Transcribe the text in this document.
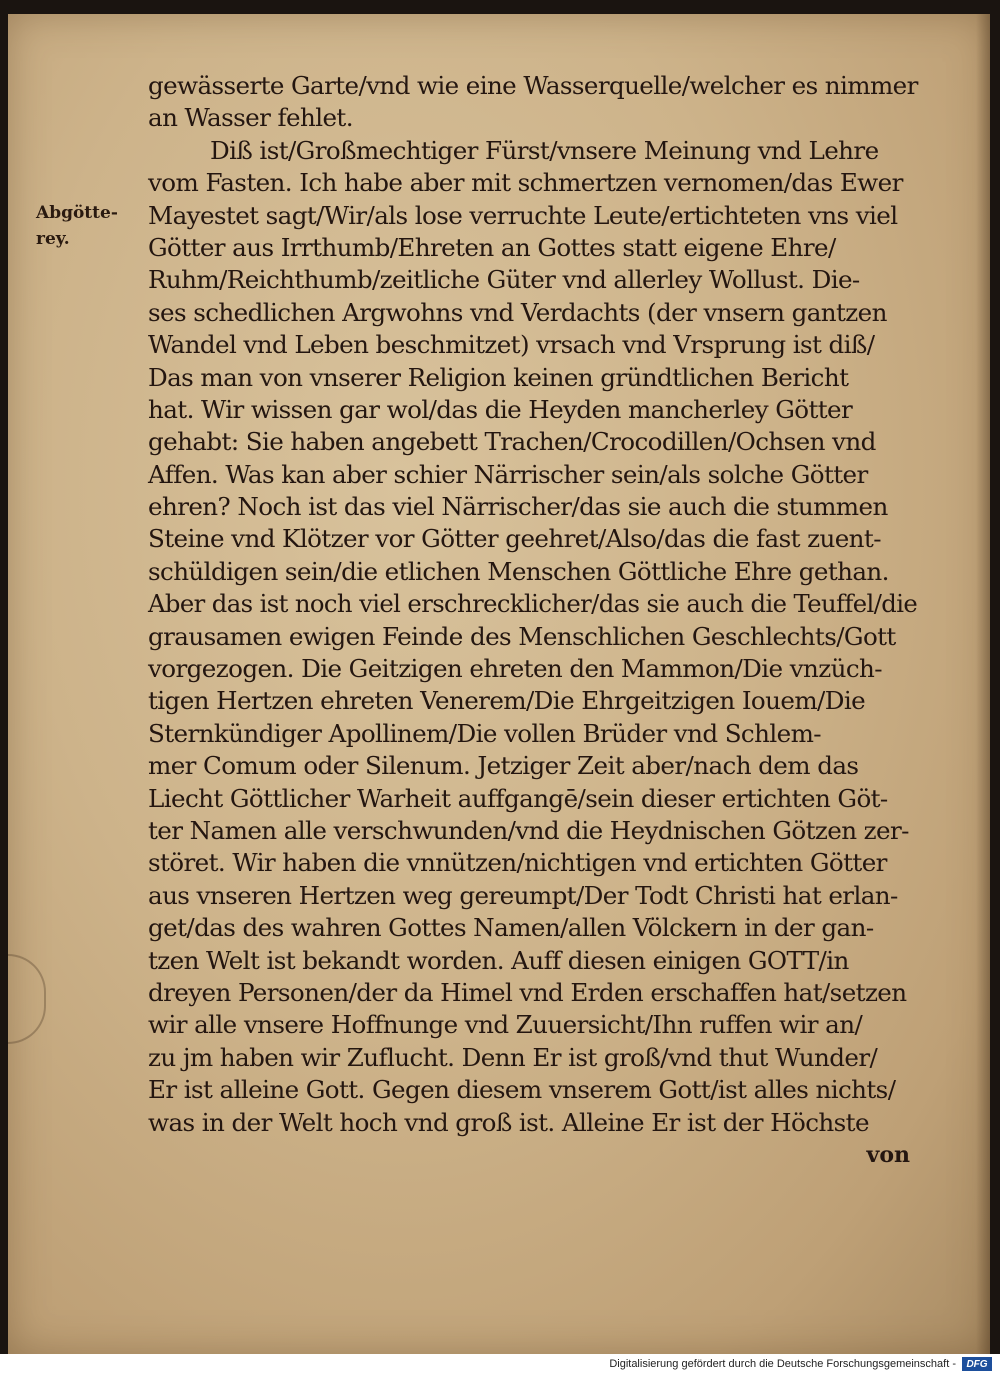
Abgötte-
rey.
gewässerte Garte/vnd wie eine Wasserquelle/welcher es nimmer
an Wasser fehlet.
Diß ist/Großmechtiger Fürst/vnsere Meinung vnd Lehre
vom Fasten. Ich habe aber mit schmertzen vernomen/das Ewer
Mayestet sagt/Wir/als lose verruchte Leute/ertichteten vns viel
Götter aus Irrthumb/Ehreten an Gottes statt eigene Ehre/
Ruhm/Reichthumb/zeitliche Güter vnd allerley Wollust. Die-
ses schedlichen Argwohns vnd Verdachts (der vnsern gantzen
Wandel vnd Leben beschmitzet) vrsach vnd Vrsprung ist diß/
Das man von vnserer Religion keinen gründtlichen Bericht
hat. Wir wissen gar wol/das die Heyden mancherley Götter
gehabt: Sie haben angebett Trachen/Crocodillen/Ochsen vnd
Affen. Was kan aber schier Närrischer sein/als solche Götter
ehren? Noch ist das viel Närrischer/das sie auch die stummen
Steine vnd Klötzer vor Götter geehret/Also/das die fast zuent-
schüldigen sein/die etlichen Menschen Göttliche Ehre gethan.
Aber das ist noch viel erschrecklicher/das sie auch die Teuffel/die
grausamen ewigen Feinde des Menschlichen Geschlechts/Gott
vorgezogen. Die Geitzigen ehreten den Mammon/Die vnzüch-
tigen Hertzen ehreten Venerem/Die Ehrgeitzigen Iouem/Die
Sternkündiger Apollinem/Die vollen Brüder vnd Schlem-
mer Comum oder Silenum. Jetziger Zeit aber/nach dem das
Liecht Göttlicher Warheit auffgangē/sein dieser ertichten Göt-
ter Namen alle verschwunden/vnd die Heydnischen Götzen zer-
störet. Wir haben die vnnützen/nichtigen vnd ertichten Götter
aus vnseren Hertzen weg gereumpt/Der Todt Christi hat erlan-
get/das des wahren Gottes Namen/allen Völckern in der gan-
tzen Welt ist bekandt worden. Auff diesen einigen GOTT/in
dreyen Personen/der da Himel vnd Erden erschaffen hat/setzen
wir alle vnsere Hoffnunge vnd Zuuersicht/Ihn ruffen wir an/
zu jm haben wir Zuflucht. Denn Er ist groß/vnd thut Wunder/
Er ist alleine Gott. Gegen diesem vnserem Gott/ist alles nichts/
was in der Welt hoch vnd groß ist. Alleine Er ist der Höchste
von
Digitalisierung gefördert durch die Deutsche Forschungsgemeinschaft -	DFG
